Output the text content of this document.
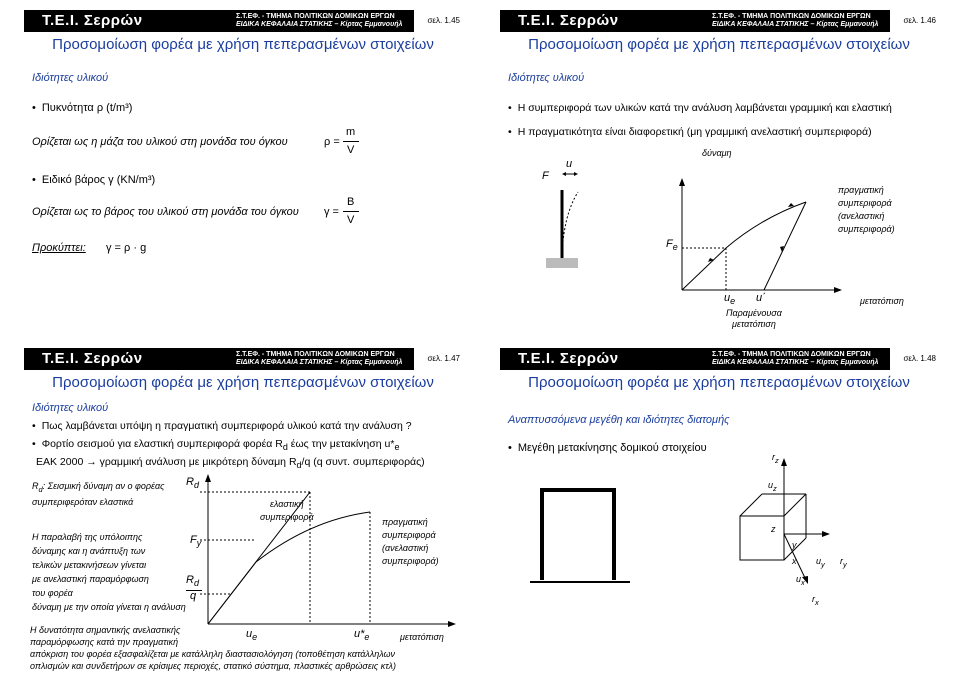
Τ.Ε.Ι. Σερρών	Σ.Τ.ΕΦ. - ΤΜΗΜΑ ΠΟΛΙΤΙΚΩΝ ΔΟΜΙΚΩΝ ΕΡΓΩΝ
ΕΙΔΙΚΑ ΚΕΦΑΛΑΙΑ ΣΤΑΤΙΚΗΣ – Κίρτας Εμμανουήλ	σελ. 1.45
Προσομοίωση φορέα με χρήση πεπερασμένων στοιχείων
Ιδιότητες υλικού
• Πυκνότητα ρ (t/m³)
Ορίζεται ως η μάζα του υλικού στη μονάδα του όγκου	ρ =
m
V
• Ειδικό βάρος γ (KN/m³)
Ορίζεται ως το βάρος του υλικού στη μονάδα του όγκου γ =
B
V
Προκύπτει: γ = ρ · g
Τ.Ε.Ι. Σερρών	Σ.Τ.ΕΦ. - ΤΜΗΜΑ ΠΟΛΙΤΙΚΩΝ ΔΟΜΙΚΩΝ ΕΡΓΩΝ
ΕΙΔΙΚΑ ΚΕΦΑΛΑΙΑ ΣΤΑΤΙΚΗΣ – Κίρτας Εμμανουήλ	σελ. 1.46
Προσομοίωση φορέα με χρήση πεπερασμένων στοιχείων
Ιδιότητες υλικού
• Η συμπεριφορά των υλικών κατά την ανάλυση λαμβάνεται γραμμική και ελαστική
• Η πραγματικότητα είναι διαφορετική (μη γραμμική ανελαστική συμπεριφορά)
F
u
δύναμη
$F_e$
πραγματική
συμπεριφορά
(ανελαστική
συμπεριφορά)
$u_e$ u΄
Παραμένουσα
μετατόπιση
μετατόπιση
Τ.Ε.Ι. Σερρών	Σ.Τ.ΕΦ. - ΤΜΗΜΑ ΠΟΛΙΤΙΚΩΝ ΔΟΜΙΚΩΝ ΕΡΓΩΝ
ΕΙΔΙΚΑ ΚΕΦΑΛΑΙΑ ΣΤΑΤΙΚΗΣ – Κίρτας Εμμανουήλ	σελ. 1.47
Προσομοίωση φορέα με χρήση πεπερασμένων στοιχείων
Ιδιότητες υλικού
• Πως λαμβάνεται υπόψη η πραγματική συμπεριφορά υλικού κατά την ανάλυση ?
• Φορτίο σεισμού για ελαστική συμπεριφορά φορέα $R_d$ έως την μετακίνηση $u*_e$
ΕΑΚ 2000 → γραμμική ανάλυση με μικρότερη δύναμη $R_d/q$ (q συντ. συμπεριφοράς)
$R_d$: Σεισμική δύναμη αν ο φορέας
συμπεριφερόταν ελαστικά
Η παραλαβή της υπόλοιπης
δύναμης και η ανάπτυξη των
τελικών μετακινήσεων γίνεται
με ανελαστική παραμόρφωση
του φορέα
$R_d$
$F_y$
$R_d$
q
δύναμη με την οποία γίνεται η ανάλυση
ελαστική
συμπεριφορά	πραγματική
συμπεριφορά
(ανελαστική
συμπεριφορά)
$u_e$	$u*_e$	μετατόπιση
Η δυνατότητα σημαντικής ανελαστικής
παραμόρφωσης κατά την πραγματική
απόκριση του φορέα εξασφαλίζεται με κατάλληλη διαστασιολόγηση (τοποθέτηση κατάλληλων
οπλισμών και συνδετήρων σε κρίσιμες περιοχές, στατικό σύστημα, πλαστικές αρθρώσεις κτλ)
Τ.Ε.Ι. Σερρών	Σ.Τ.ΕΦ. - ΤΜΗΜΑ ΠΟΛΙΤΙΚΩΝ ΔΟΜΙΚΩΝ ΕΡΓΩΝ
ΕΙΔΙΚΑ ΚΕΦΑΛΑΙΑ ΣΤΑΤΙΚΗΣ – Κίρτας Εμμανουήλ	σελ. 1.48
Προσομοίωση φορέα με χρήση πεπερασμένων στοιχείων
Αναπτυσσόμενα μεγέθη και ιδιότητες διατομής
• Μεγέθη μετακίνησης δομικού στοιχείου
$r_z$
$u_z$
z
y
x $u_y$ $r_y$
$u_x$
$r_x$
